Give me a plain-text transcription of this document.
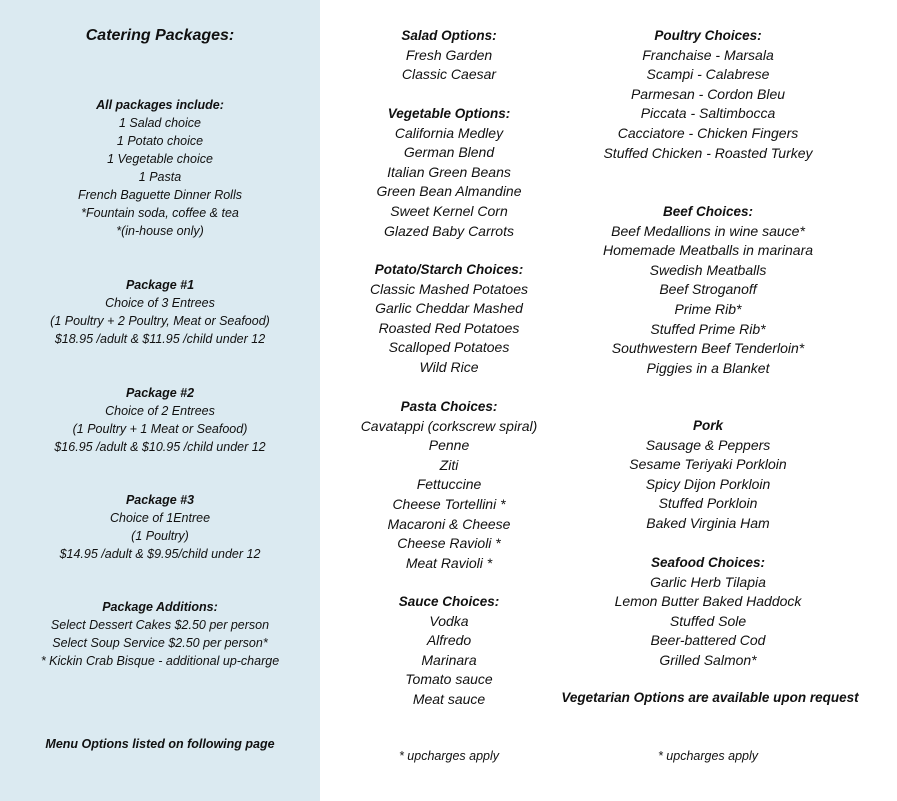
Catering Packages:
All packages include:
1 Salad choice
1 Potato choice
1 Vegetable choice
1 Pasta
French Baguette Dinner Rolls
*Fountain soda, coffee & tea
*(in-house only)
Package #1
Choice of 3 Entrees
(1 Poultry + 2 Poultry, Meat or Seafood)
$18.95 /adult & $11.95 /child under 12
Package #2
Choice of 2 Entrees
(1 Poultry + 1 Meat or Seafood)
$16.95 /adult & $10.95 /child under 12
Package #3
Choice of 1Entree
(1 Poultry)
$14.95 /adult & $9.95/child under 12
Package Additions:
Select Dessert Cakes $2.50 per person
Select Soup Service $2.50 per person*
* Kickin Crab Bisque - additional up-charge
Menu Options listed on following page
Salad Options:
Fresh Garden
Classic Caesar
Vegetable Options:
California Medley
German Blend
Italian Green Beans
Green Bean Almandine
Sweet Kernel Corn
Glazed Baby Carrots
Potato/Starch Choices:
Classic Mashed Potatoes
Garlic Cheddar Mashed
Roasted Red Potatoes
Scalloped Potatoes
Wild Rice
Pasta Choices:
Cavatappi (corkscrew spiral)
Penne
Ziti
Fettuccine
Cheese Tortellini *
Macaroni & Cheese
Cheese Ravioli *
Meat Ravioli *
Sauce Choices:
Vodka
Alfredo
Marinara
Tomato sauce
Meat sauce
* upcharges apply
Poultry Choices:
Franchaise - Marsala
Scampi - Calabrese
Parmesan - Cordon Bleu
Piccata - Saltimbocca
Cacciatore - Chicken Fingers
Stuffed Chicken - Roasted Turkey
Beef Choices:
Beef Medallions in wine sauce*
Homemade Meatballs in marinara
Swedish Meatballs
Beef Stroganoff
Prime Rib*
Stuffed Prime Rib*
Southwestern Beef Tenderloin*
Piggies in a Blanket
Pork
Sausage & Peppers
Sesame Teriyaki Porkloin
Spicy Dijon Porkloin
Stuffed Porkloin
Baked Virginia Ham
Seafood Choices:
Garlic Herb Tilapia
Lemon Butter Baked Haddock
Stuffed Sole
Beer-battered Cod
Grilled Salmon*
Vegetarian Options are available upon request
* upcharges apply
